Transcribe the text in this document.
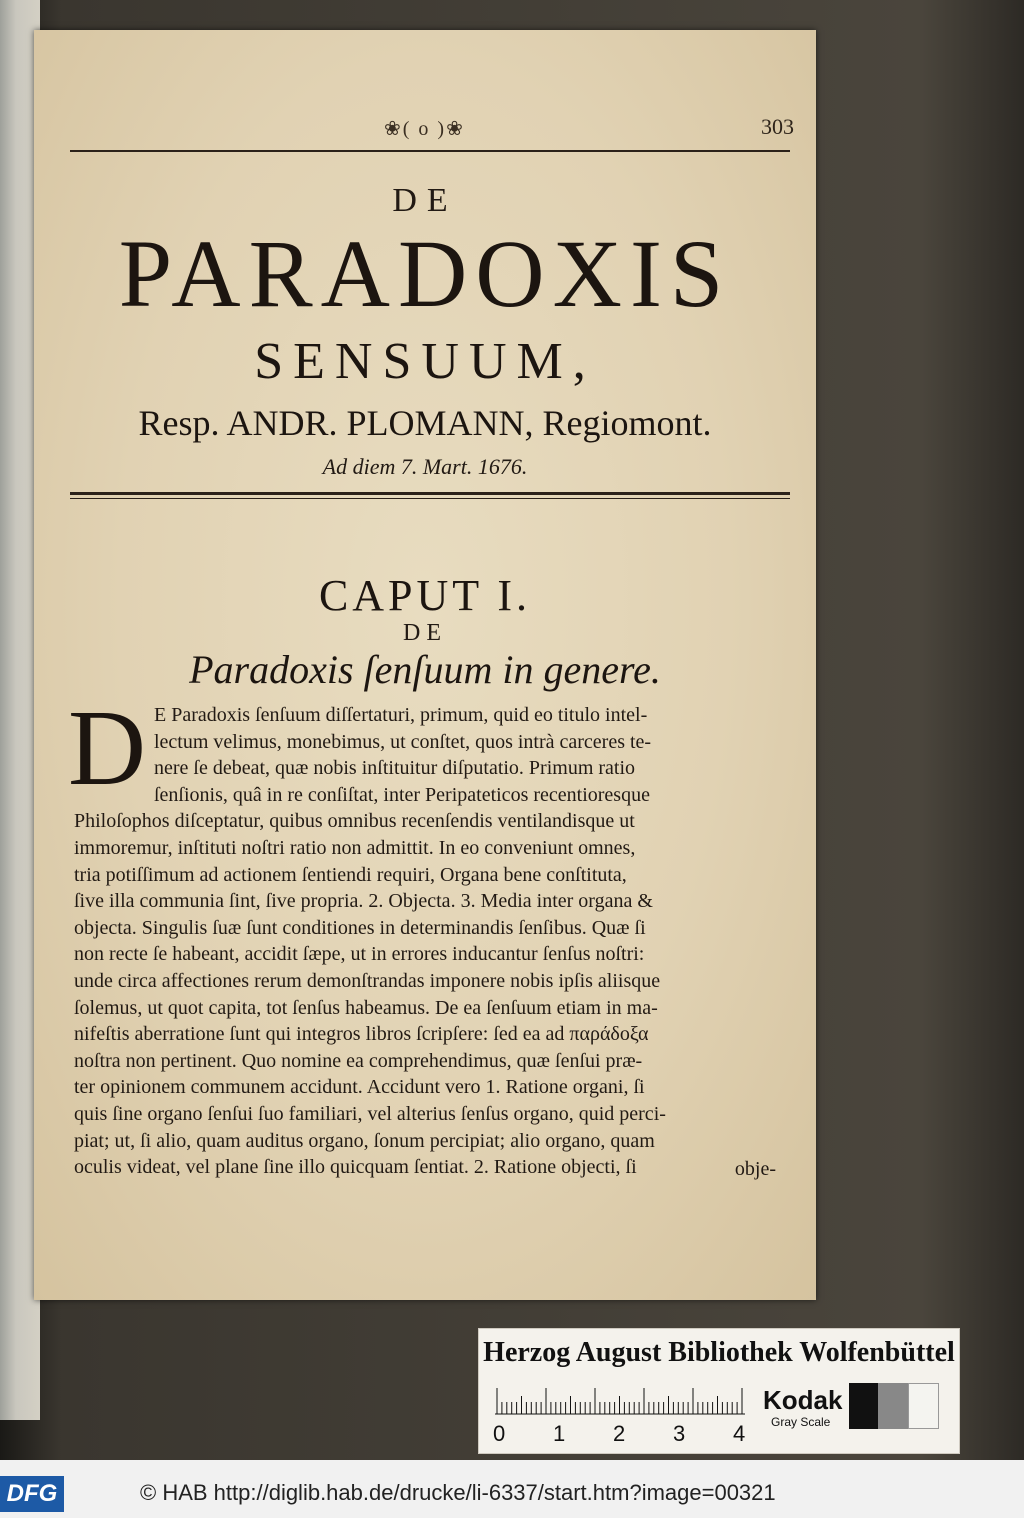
❀( o )❀	303
DE
PARADOXIS
SENSUUM,
Resp. ANDR. PLOMANN, Regiomont.
Ad diem 7. Mart. 1676.
CAPUT I.
DE
Paradoxis ſenſuum in genere.
D E Paradoxis ſenſuum diſſertaturi, primum, quid eo titulo intel-
lectum velimus, monebimus, ut conſtet, quos intrà carceres te-
nere ſe debeat, quæ nobis inſtituitur diſputatio. Primum ratio
ſenſionis, quâ in re conſiſtat, inter Peripateticos recentioresque
Philoſophos diſceptatur, quibus omnibus recenſendis ventilandisque ut
immoremur, inſtituti noſtri ratio non admittit. In eo conveniunt omnes,
tria potiſſimum ad actionem ſentiendi requiri, Organa bene conſtituta,
ſive illa communia ſint, ſive propria. 2. Objecta. 3. Media inter organa &
objecta. Singulis ſuæ ſunt conditiones in determinandis ſenſibus. Quæ ſi
non recte ſe habeant, accidit ſæpe, ut in errores inducantur ſenſus noſtri:
unde circa affectiones rerum demonſtrandas imponere nobis ipſis aliisque
ſolemus, ut quot capita, tot ſenſus habeamus. De ea ſenſuum etiam in ma-
nifeſtis aberratione ſunt qui integros libros ſcripſere: ſed ea ad παράδοξα
noſtra non pertinent. Quo nomine ea comprehendimus, quæ ſenſui præ-
ter opinionem communem accidunt. Accidunt vero 1. Ratione organi, ſi
quis ſine organo ſenſui ſuo familiari, vel alterius ſenſus organo, quid perci-
piat; ut, ſi alio, quam auditus organo, ſonum percipiat; alio organo, quam
oculis videat, vel plane ſine illo quicquam ſentiat. 2. Ratione objecti, ſi	obje-
Herzog August Bibliothek Wolfenbüttel
0 1 2 3 4
Kodak
Gray Scale
DFG	© HAB http://diglib.hab.de/drucke/li-6337/start.htm?image=00321
